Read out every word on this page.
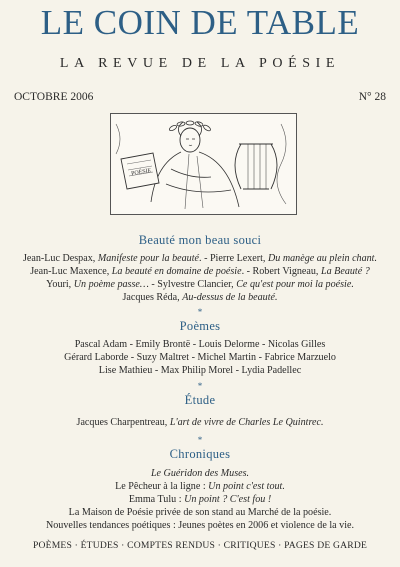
LE COIN DE TABLE
LA REVUE DE LA POÉSIE
OCTOBRE 2006	N° 28
POÉSIE
Beauté mon beau souci
Jean-Luc Despax, Manifeste pour la beauté. - Pierre Lexert, Du manège au plein chant.
Jean-Luc Maxence, La beauté en domaine de poésie. - Robert Vigneau, La Beauté ?
Youri, Un poème passe… - Sylvestre Clancier, Ce qu'est pour moi la poésie.
Jacques Réda, Au-dessus de la beauté.
*
Poèmes
Pascal Adam - Emily Brontë - Louis Delorme - Nicolas Gilles
Gérard Laborde - Suzy Maltret - Michel Martin - Fabrice Marzuelo
Lise Mathieu - Max Philip Morel - Lydia Padellec
*
Étude
Jacques Charpentreau, L'art de vivre de Charles Le Quintrec.
*
Chroniques
Le Guéridon des Muses.
Le Pêcheur à la ligne : Un point c'est tout.
Emma Tulu : Un point ? C'est fou !
La Maison de Poésie privée de son stand au Marché de la poésie.
Nouvelles tendances poétiques : Jeunes poètes en 2006 et violence de la vie.
POÈMES · ÉTUDES · COMPTES RENDUS · CRITIQUES · PAGES DE GARDE
